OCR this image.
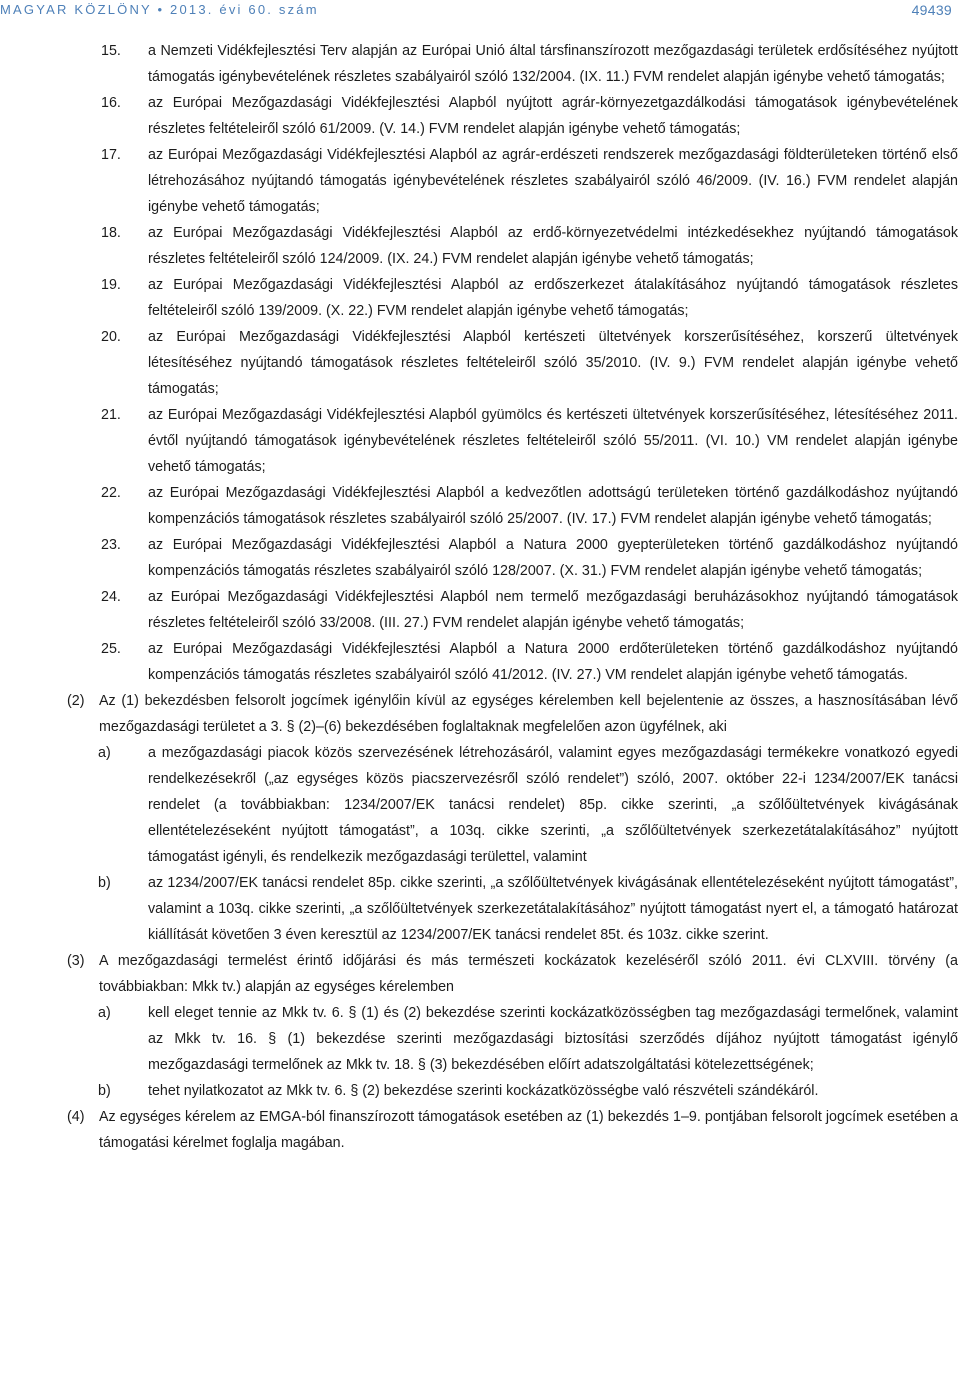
MAGYAR KÖZLÖNY • 2013. évi 60. szám	49439
15. a Nemzeti Vidékfejlesztési Terv alapján az Európai Unió által társfinanszírozott mezőgazdasági területek erdősítéséhez nyújtott támogatás igénybevételének részletes szabályairól szóló 132/2004. (IX. 11.) FVM rendelet alapján igénybe vehető támogatás;
16. az Európai Mezőgazdasági Vidékfejlesztési Alapból nyújtott agrár-környezetgazdálkodási támogatások igénybevételének részletes feltételeiről szóló 61/2009. (V. 14.) FVM rendelet alapján igénybe vehető támogatás;
17. az Európai Mezőgazdasági Vidékfejlesztési Alapból az agrár-erdészeti rendszerek mezőgazdasági földterületeken történő első létrehozásához nyújtandó támogatás igénybevételének részletes szabályairól szóló 46/2009. (IV. 16.) FVM rendelet alapján igénybe vehető támogatás;
18. az Európai Mezőgazdasági Vidékfejlesztési Alapból az erdő-környezetvédelmi intézkedésekhez nyújtandó támogatások részletes feltételeiről szóló 124/2009. (IX. 24.) FVM rendelet alapján igénybe vehető támogatás;
19. az Európai Mezőgazdasági Vidékfejlesztési Alapból az erdőszerkezet átalakításához nyújtandó támogatások részletes feltételeiről szóló 139/2009. (X. 22.) FVM rendelet alapján igénybe vehető támogatás;
20. az Európai Mezőgazdasági Vidékfejlesztési Alapból kertészeti ültetvények korszerűsítéséhez, korszerű ültetvények létesítéséhez nyújtandó támogatások részletes feltételeiről szóló 35/2010. (IV. 9.) FVM rendelet alapján igénybe vehető támogatás;
21. az Európai Mezőgazdasági Vidékfejlesztési Alapból gyümölcs és kertészeti ültetvények korszerűsítéséhez, létesítéséhez 2011. évtől nyújtandó támogatások igénybevételének részletes feltételeiről szóló 55/2011. (VI. 10.) VM rendelet alapján igénybe vehető támogatás;
22. az Európai Mezőgazdasági Vidékfejlesztési Alapból a kedvezőtlen adottságú területeken történő gazdálkodáshoz nyújtandó kompenzációs támogatások részletes szabályairól szóló 25/2007. (IV. 17.) FVM rendelet alapján igénybe vehető támogatás;
23. az Európai Mezőgazdasági Vidékfejlesztési Alapból a Natura 2000 gyepterületeken történő gazdálkodáshoz nyújtandó kompenzációs támogatás részletes szabályairól szóló 128/2007. (X. 31.) FVM rendelet alapján igénybe vehető támogatás;
24. az Európai Mezőgazdasági Vidékfejlesztési Alapból nem termelő mezőgazdasági beruházásokhoz nyújtandó támogatások részletes feltételeiről szóló 33/2008. (III. 27.) FVM rendelet alapján igénybe vehető támogatás;
25. az Európai Mezőgazdasági Vidékfejlesztési Alapból a Natura 2000 erdőterületeken történő gazdálkodáshoz nyújtandó kompenzációs támogatás részletes szabályairól szóló 41/2012. (IV. 27.) VM rendelet alapján igénybe vehető támogatás.
(2) Az (1) bekezdésben felsorolt jogcímek igénylőin kívül az egységes kérelemben kell bejelentenie az összes, a hasznosításában lévő mezőgazdasági területet a 3. § (2)–(6) bekezdésében foglaltaknak megfelelően azon ügyfélnek, aki
a)	a mezőgazdasági piacok közös szervezésének létrehozásáról, valamint egyes mezőgazdasági termékekre vonatkozó egyedi rendelkezésekről („az egységes közös piacszervezésről szóló rendelet”) szóló, 2007. október 22-i 1234/2007/EK tanácsi rendelet (a továbbiakban: 1234/2007/EK tanácsi rendelet) 85p. cikke szerinti, „a szőlőültetvények kivágásának ellentételezéseként nyújtott támogatást”, a 103q. cikke szerinti, „a szőlőültetvények szerkezetátalakításához” nyújtott támogatást igényli, és rendelkezik mezőgazdasági területtel, valamint
b)	az 1234/2007/EK tanácsi rendelet 85p. cikke szerinti, „a szőlőültetvények kivágásának ellentételezéseként nyújtott támogatást”, valamint a 103q. cikke szerinti, „a szőlőültetvények szerkezetátalakításához” nyújtott támogatást nyert el, a támogató határozat kiállítását követően 3 éven keresztül az 1234/2007/EK tanácsi rendelet 85t. és 103z. cikke szerint.
(3) A mezőgazdasági termelést érintő időjárási és más természeti kockázatok kezeléséről szóló 2011. évi CLXVIII. törvény (a továbbiakban: Mkk tv.) alapján az egységes kérelemben
a)	kell eleget tennie az Mkk tv. 6. § (1) és (2) bekezdése szerinti kockázatközösségben tag mezőgazdasági termelőnek, valamint az Mkk tv. 16. § (1) bekezdése szerinti mezőgazdasági biztosítási szerződés díjához nyújtott támogatást igénylő mezőgazdasági termelőnek az Mkk tv. 18. § (3) bekezdésében előírt adatszolgáltatási kötelezettségének;
b)	tehet nyilatkozatot az Mkk tv. 6. § (2) bekezdése szerinti kockázatközösségbe való részvételi szándékáról.
(4) Az egységes kérelem az EMGA-ból finanszírozott támogatások esetében az (1) bekezdés 1–9. pontjában felsorolt jogcímek esetében a támogatási kérelmet foglalja magában.
